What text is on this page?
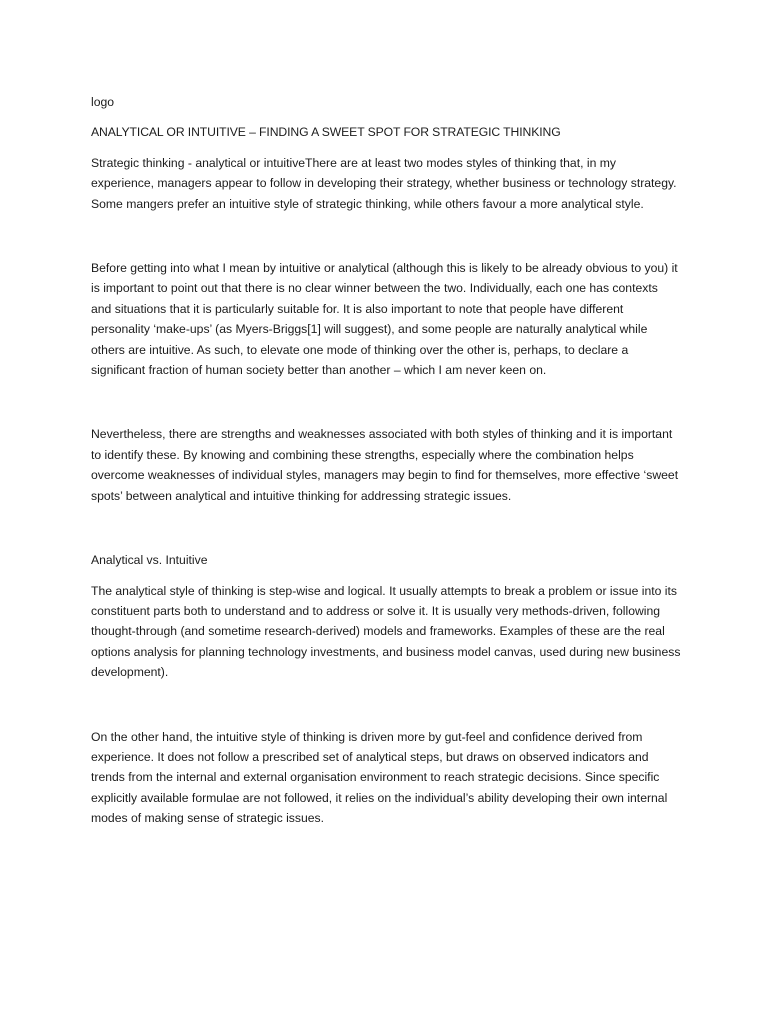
logo

ANALYTICAL OR INTUITIVE – FINDING A SWEET SPOT FOR STRATEGIC THINKING

Strategic thinking - analytical or intuitiveThere are at least two modes styles of thinking that, in my experience, managers appear to follow in developing their strategy, whether business or technology strategy. Some mangers prefer an intuitive style of strategic thinking, while others favour a more analytical style.

Before getting into what I mean by intuitive or analytical (although this is likely to be already obvious to you) it is important to point out that there is no clear winner between the two. Individually, each one has contexts and situations that it is particularly suitable for. It is also important to note that people have different personality ‘make-ups’ (as Myers-Briggs[1] will suggest), and some people are naturally analytical while others are intuitive. As such, to elevate one mode of thinking over the other is, perhaps, to declare a significant fraction of human society better than another – which I am never keen on.

Nevertheless, there are strengths and weaknesses associated with both styles of thinking and it is important to identify these. By knowing and combining these strengths, especially where the combination helps overcome weaknesses of individual styles, managers may begin to find for themselves, more effective ‘sweet spots’ between analytical and intuitive thinking for addressing strategic issues.

Analytical vs. Intuitive

The analytical style of thinking is step-wise and logical. It usually attempts to break a problem or issue into its constituent parts both to understand and to address or solve it. It is usually very methods-driven, following thought-through (and sometime research-derived) models and frameworks. Examples of these are the real options analysis for planning technology investments, and business model canvas, used during new business development).

On the other hand, the intuitive style of thinking is driven more by gut-feel and confidence derived from experience. It does not follow a prescribed set of analytical steps, but draws on observed indicators and trends from the internal and external organisation environment to reach strategic decisions. Since specific explicitly available formulae are not followed, it relies on the individual’s ability developing their own internal modes of making sense of strategic issues.
